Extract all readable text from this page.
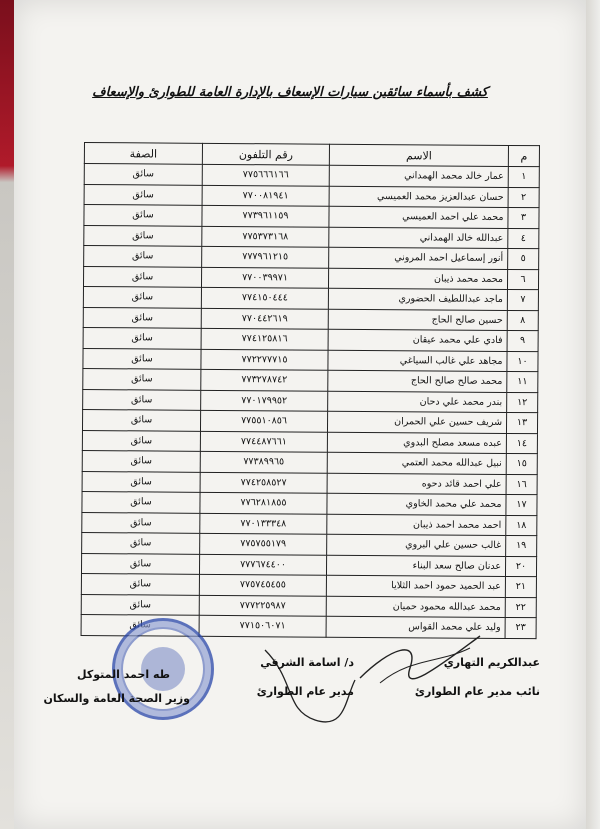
كشف بأسماء سائقين سيارات الإسعاف بالإدارة العامة للطوارئ والإسعاف
م	الاسم	رقم التلفون	الصفة
١	عمار خالد محمد الهمداني	٧٧٥٦٦٦١٦٦	سائق
٢	حسان عبدالعزيز محمد العميسي	٧٧٠٠٨١٩٤١	سائق
٣	محمد علي احمد العميسي	٧٧٣٩٦١١٥٩	سائق
٤	عبدالله خالد الهمداني	٧٧٥٣٧٣١٦٨	سائق
٥	أنور إسماعيل احمد المروني	٧٧٧٩٦١٢١٥	سائق
٦	محمد محمد ذيبان	٧٧٠٠٣٩٩٧١	سائق
٧	ماجد عبداللطيف الحضوري	٧٧٤١٥٠٤٤٤	سائق
٨	حسين صالح الحاج	٧٧٠٤٤٢٦١٩	سائق
٩	فادي علي محمد عيقان	٧٧٤١٢٥٨١٦	سائق
١٠	مجاهد علي غالب السياغي	٧٧٢٢٧٧٧١٥	سائق
١١	محمد صالح صالح الحاج	٧٧٣٢٧٨٧٤٢	سائق
١٢	بندر محمد علي دحان	٧٧٠١٧٩٩٥٢	سائق
١٣	شريف حسين علي الحمران	٧٧٥٥١٠٨٥٦	سائق
١٤	عبده مسعد مصلح البدوي	٧٧٤٤٨٧٦٦١	سائق
١٥	نبيل عبدالله محمد العتمي	٧٧٣٨٩٩٦٥	سائق
١٦	علي احمد قائد دحوه	٧٧٤٢٥٨٥٢٧	سائق
١٧	محمد علي محمد الخاوي	٧٧٦٢٨١٨٥٥	سائق
١٨	احمد محمد احمد ذيبان	٧٧٠١٣٣٣٤٨	سائق
١٩	غالب حسين علي البروي	٧٧٥٧٥٥١٧٩	سائق
٢٠	عدنان صالح سعد البناء	٧٧٧٦٧٤٤٠٠	سائق
٢١	عبد الحميد حمود احمد الثلايا	٧٧٥٧٤٥٤٥٥	سائق
٢٢	محمد عبدالله محمود حميان	٧٧٧٢٢٥٩٨٧	سائق
٢٣	وليد علي محمد القواس	٧٧١٥٠٦٠٧١	سائق
عبدالكريم التهاري
نائب مدير عام الطوارئ
د/ اسامة الشرفي
مدير عام الطوارئ
طه احمد المتوكل
وزير الصحة العامة والسكان
